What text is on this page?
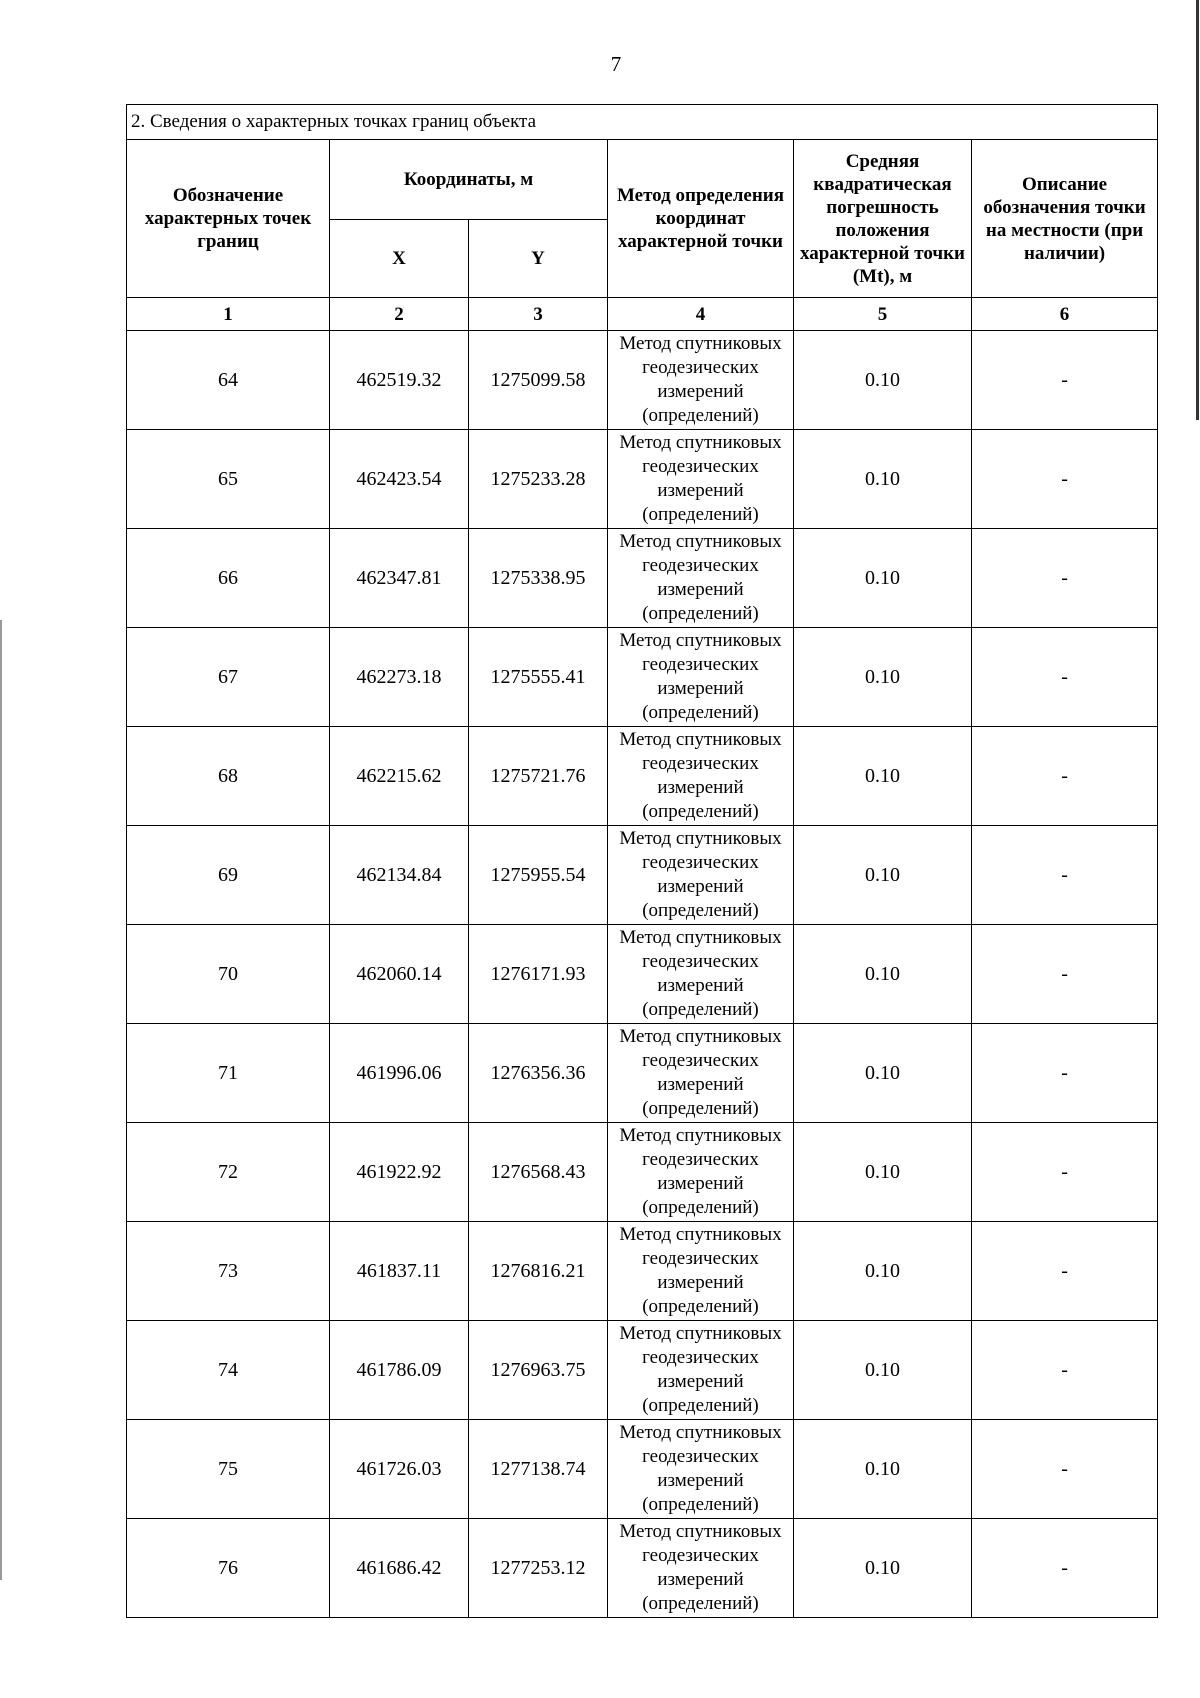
7
2. Сведения о характерных точках границ объекта					
Обозначение характерных точек границ	Координаты, м		Метод определения координат характерной точки	Средняя квадратическая погрешность положения характерной точки (Mt), м	Описание обозначения точки на местности (при наличии)
	X	Y			
1	2	3	4	5	6
64	462519.32	1275099.58	Метод спутниковых геодезических измерений (определений)	0.10	-
65	462423.54	1275233.28	Метод спутниковых геодезических измерений (определений)	0.10	-
66	462347.81	1275338.95	Метод спутниковых геодезических измерений (определений)	0.10	-
67	462273.18	1275555.41	Метод спутниковых геодезических измерений (определений)	0.10	-
68	462215.62	1275721.76	Метод спутниковых геодезических измерений (определений)	0.10	-
69	462134.84	1275955.54	Метод спутниковых геодезических измерений (определений)	0.10	-
70	462060.14	1276171.93	Метод спутниковых геодезических измерений (определений)	0.10	-
71	461996.06	1276356.36	Метод спутниковых геодезических измерений (определений)	0.10	-
72	461922.92	1276568.43	Метод спутниковых геодезических измерений (определений)	0.10	-
73	461837.11	1276816.21	Метод спутниковых геодезических измерений (определений)	0.10	-
74	461786.09	1276963.75	Метод спутниковых геодезических измерений (определений)	0.10	-
75	461726.03	1277138.74	Метод спутниковых геодезических измерений (определений)	0.10	-
76	461686.42	1277253.12	Метод спутниковых геодезических измерений (определений)	0.10	-
